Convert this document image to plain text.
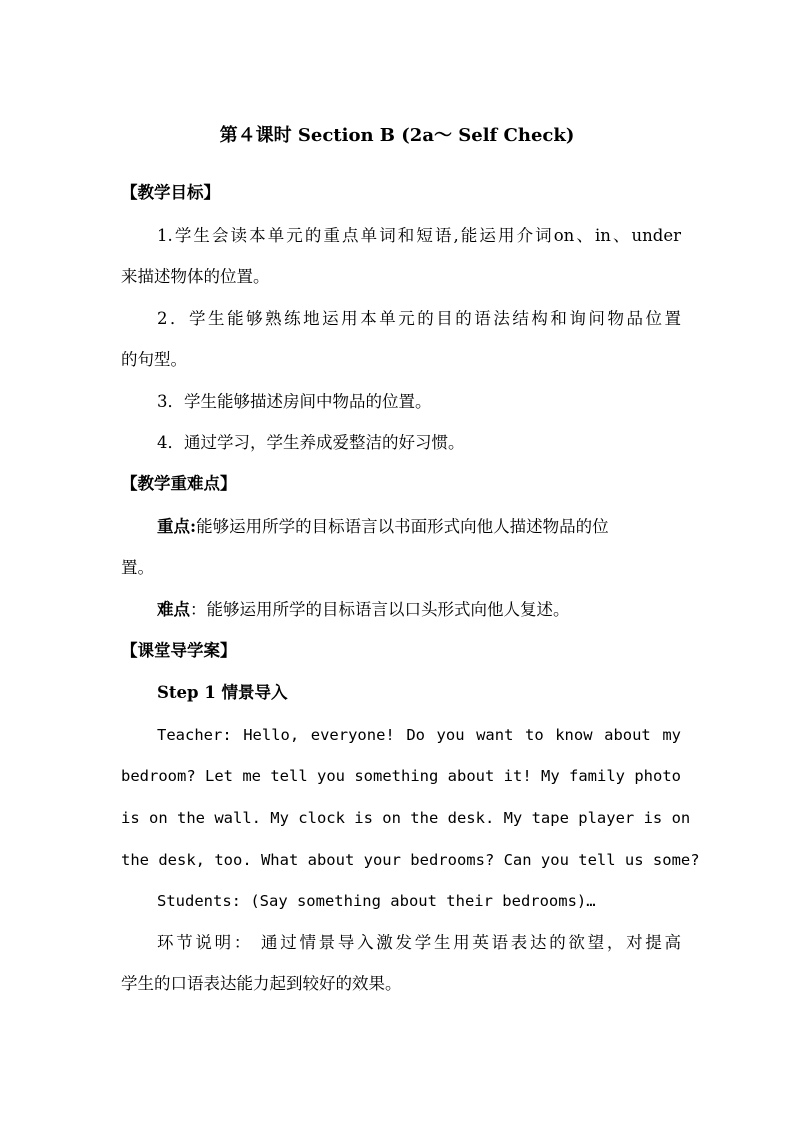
第４课时 Section B (2a～ Self Check)
【教学目标】
1.学生会读本单元的重点单词和短语,能运用介词on、in、under
来描述物体的位置。
2．学生能够熟练地运用本单元的目的语法结构和询问物品位置
的句型。
3．学生能够描述房间中物品的位置。
4．通过学习，学生养成爱整洁的好习惯。
【教学重难点】
重点:能够运用所学的目标语言以书面形式向他人描述物品的位
置。
难点：能够运用所学的目标语言以口头形式向他人复述。
【课堂导学案】
Step 1 情景导入
Teacher: Hello, everyone! Do you want to know about my
bedroom? Let me tell you something about it! My family photo
is on the wall. My clock is on the desk. My tape player is on
the desk, too. What about your bedrooms? Can you tell us some?
Students: (Say something about their bedrooms)…
环节说明： 通过情景导入激发学生用英语表达的欲望，对提高
学生的口语表达能力起到较好的效果。
